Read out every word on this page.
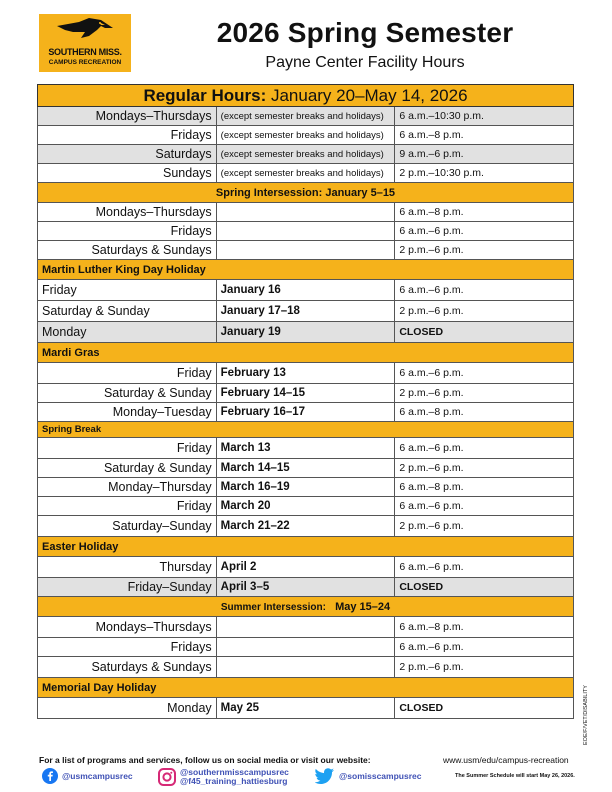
SOUTHERN MISS.
CAMPUS RECREATION
2026 Spring Semester
Payne Center Facility Hours
Regular Hours: January 20–May 14, 2026		
Mondays–Thursdays	(except semester breaks and holidays)	6 a.m.–10:30 p.m.
Fridays	(except semester breaks and holidays)	6 a.m.–8 p.m.
Saturdays	(except semester breaks and holidays)	9 a.m.–6 p.m.
Sundays	(except semester breaks and holidays)	2 p.m.–10:30 p.m.
Spring Intersession: January 5–15		
Mondays–Thursdays		6 a.m.–8 p.m.
Fridays		6 a.m.–6 p.m.
Saturdays & Sundays		2 p.m.–6 p.m.
Martin Luther King Day Holiday		
Friday	January 16	6 a.m.–6 p.m.
Saturday & Sunday	January 17–18	2 p.m.–6 p.m.
Monday	January 19	CLOSED
Mardi Gras		
Friday	February 13	6 a.m.–6 p.m.
Saturday & Sunday	February 14–15	2 p.m.–6 p.m.
Monday–Tuesday	February 16–17	6 a.m.–8 p.m.
Spring Break		
Friday	March 13	6 a.m.–6 p.m.
Saturday & Sunday	March 14–15	2 p.m.–6 p.m.
Monday–Thursday	March 16–19	6 a.m.–8 p.m.
Friday	March 20	6 a.m.–6 p.m.
Saturday–Sunday	March 21–22	2 p.m.–6 p.m.
Easter Holiday		
Thursday	April 2	6 a.m.–6 p.m.
Friday–Sunday	April 3–5	CLOSED
Summer Intersession: May 15–24		
Mondays–Thursdays		6 a.m.–8 p.m.
Fridays		6 a.m.–6 p.m.
Saturdays & Sundays		2 p.m.–6 p.m.
Memorial Day Holiday		
Monday	May 25	CLOSED	EOE/F/VET/DISABILITY
For a list of programs and services, follow us on social media or visit our website:	www.usm/edu/campus-recreation
@usmcampusrec	@southernmisscampusrec
@f45_training_hattiesburg	@somisscampusrec	The Summer Schedule will start May 26, 2026.
